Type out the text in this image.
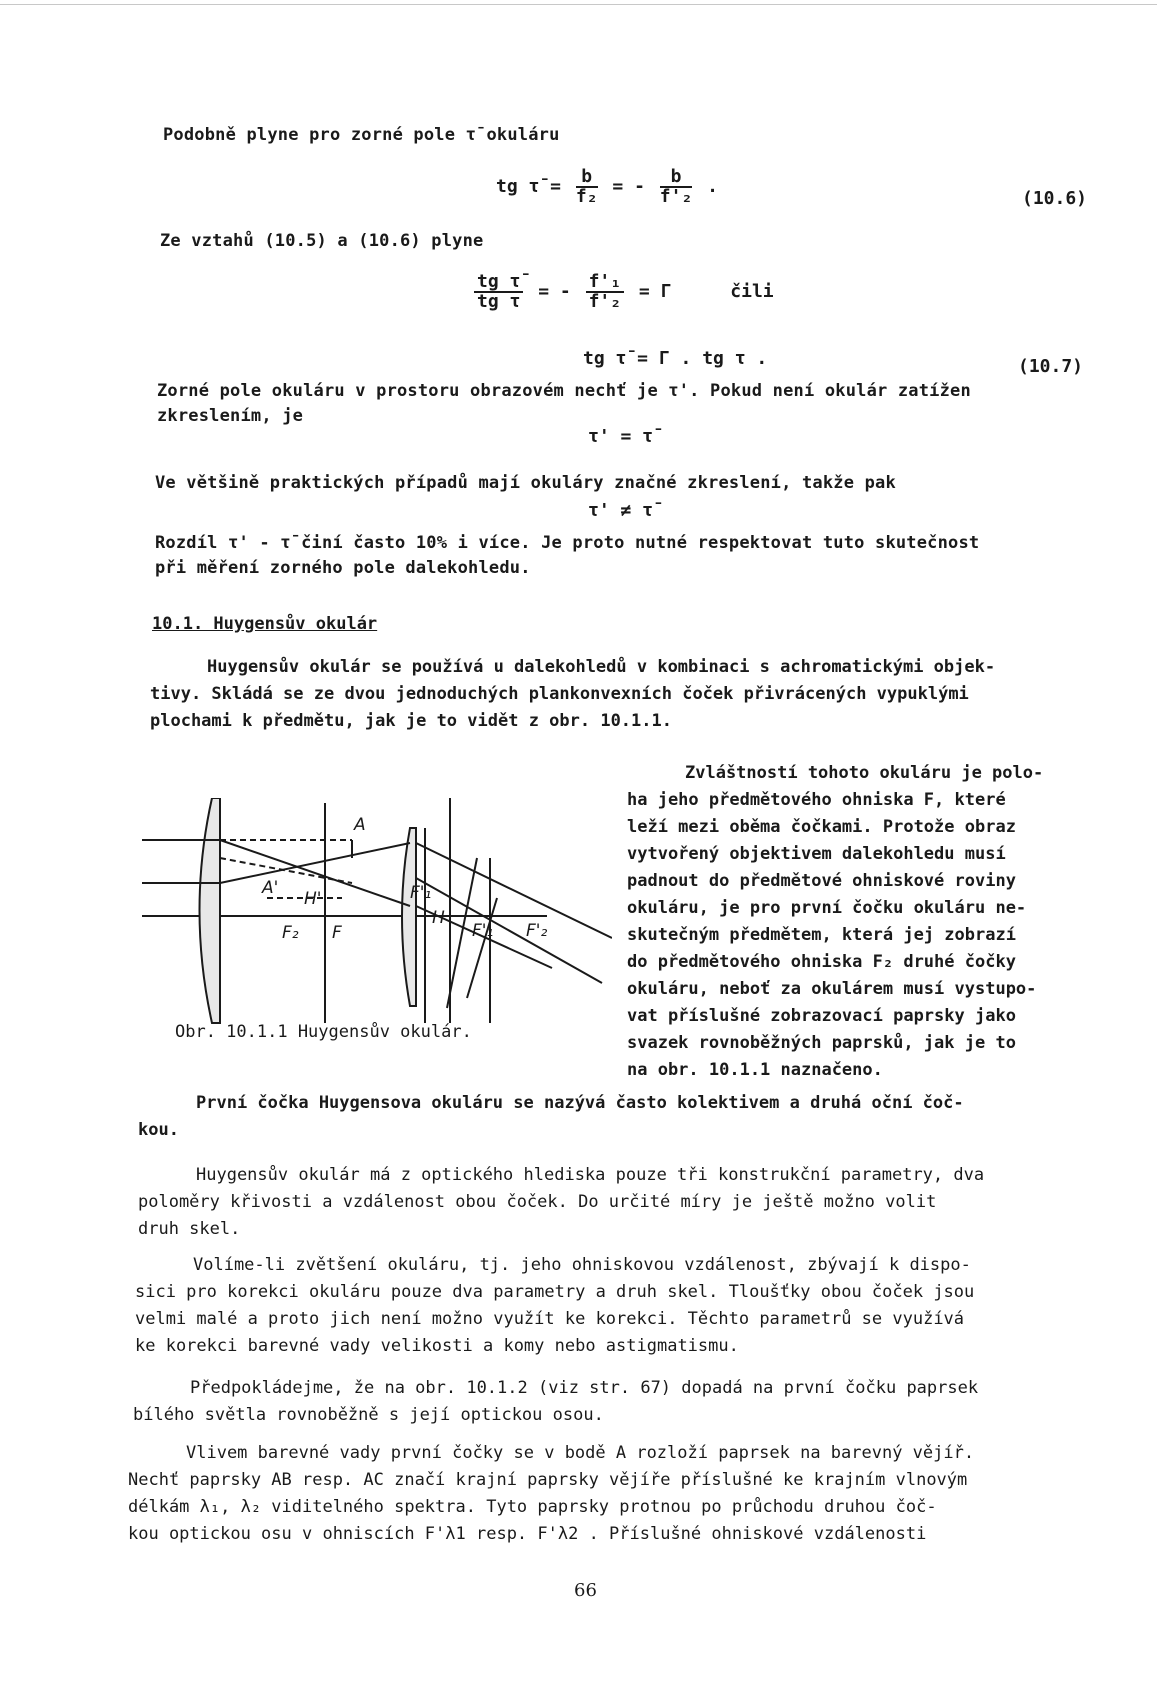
Podobně plyne pro zorné pole τ̄ okuláru
tg τ̄ = $\frac{b}{\text{f₂}}$ = - $\frac{b}{\text{f'₂}}$ .
(10.6)
Ze vztahů (10.5) a (10.6) plyne
$\frac{\text{tg τ̄}}{\text{tg τ}}$ = - $\frac{\text{f'₁}}{\text{f'₂}} = \Gamma$	čili
tg τ̄ = Γ . tg τ .	(10.7)
Zorné pole okuláru v prostoru obrazovém nechť je τ'. Pokud není okulár zatížen
zkreslením, je
τ' = τ̄
Ve většině praktických případů mají okuláry značné zkreslení, takže pak
τ' ≠ τ̄
Rozdíl τ' - τ̄ činí často 10% i více. Je proto nutné respektovat tuto skutečnost
při měření zorného pole dalekohledu.
10.1. Huygensův okulár

Huygensův okulár se používá u dalekohledů v kombinaci s achromatickými objek-

tivy. Skládá se ze dvou jednoduchých plankonvexních čoček přivrácených vypuklými

plochami k předmětu, jak je to vidět z obr. 10.1.1.

Zvláštností tohoto okuláru je polo-

ha jeho předmětového ohniska F, které

leží mezi oběma čočkami. Protože obraz

vytvořený objektivem dalekohledu musí

padnout do předmětové ohniskové roviny

okuláru, je pro první čočku okuláru ne-

skutečným předmětem, která jej zobrazí

do předmětového ohniska F₂ druhé čočky

okuláru, neboť za okulárem musí vystupo-

vat příslušné zobrazovací paprsky jako

svazek rovnoběžných paprsků, jak je to

na obr. 10.1.1 naznačeno.

A
A'
H'
F₂ F
F'₁
H
F'₁ F'₂
Obr. 10.1.1 Huygensův okulár.

První čočka Huygensova okuláru se nazývá často kolektivem a druhá oční čoč-

kou.

Huygensův okulár má z optického hlediska pouze tři konstrukční parametry, dva

poloměry křivosti a vzdálenost obou čoček. Do určité míry je ještě možno volit

druh skel.

Volíme-li zvětšení okuláru, tj. jeho ohniskovou vzdálenost, zbývají k dispo-

sici pro korekci okuláru pouze dva parametry a druh skel. Tloušťky obou čoček jsou

velmi malé a proto jich není možno využít ke korekci. Těchto parametrů se využívá

ke korekci barevné vady velikosti a komy nebo astigmatismu.

Předpokládejme, že na obr. 10.1.2 (viz str. 67) dopadá na první čočku paprsek

bílého světla rovnoběžně s její optickou osou.

Vlivem barevné vady první čočky se v bodě A rozloží paprsek na barevný vějíř.

Nechť paprsky AB resp. AC značí krajní paprsky vějíře příslušné ke krajním vlnovým

délkám λ₁, λ₂ viditelného spektra. Tyto paprsky protnou po průchodu druhou čoč-

kou optickou osu v ohniscích F'λ1 resp. F'λ2 . Příslušné ohniskové vzdálenosti

66
